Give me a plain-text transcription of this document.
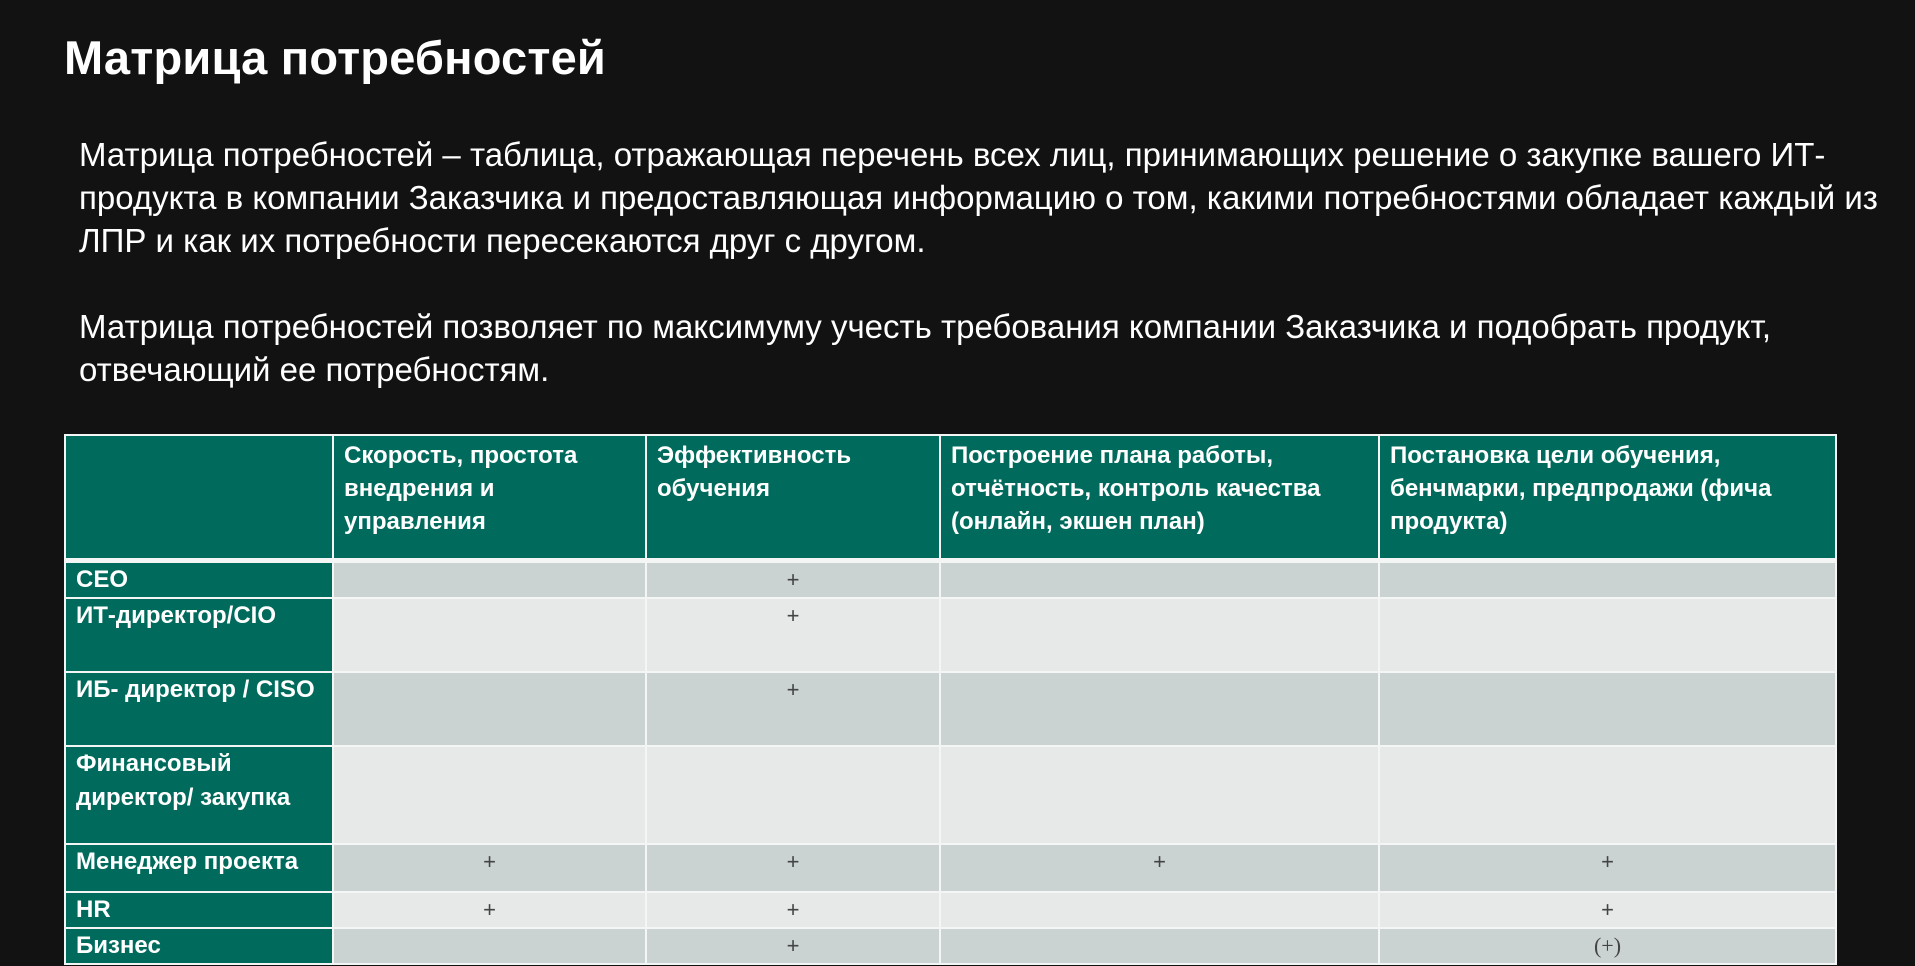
Матрица потребностей

Матрица потребностей – таблица, отражающая перечень всех лиц, принимающих решение о закупке вашего ИТ-продукта в компании Заказчика и предоставляющая информацию о том, какими потребностями обладает каждый из ЛПР и как их потребности пересекаются друг с другом.

Матрица потребностей позволяет по максимуму учесть требования компании Заказчика и подобрать продукт, отвечающий ее потребностям.

	Скорость, простота внедрения и управления	Эффективность обучения	Построение плана работы, отчётность, контроль качества (онлайн, экшен план)	Постановка цели обучения, бенчмарки, предпродажи (фича продукта)
CEO		+		
ИТ-директор/CIO		+		
ИБ- директор / CISO		+		
Финансовый директор/ закупка				
Менеджер проекта	+	+	+	+
HR	+	+		+
Бизнес		+		(+)
